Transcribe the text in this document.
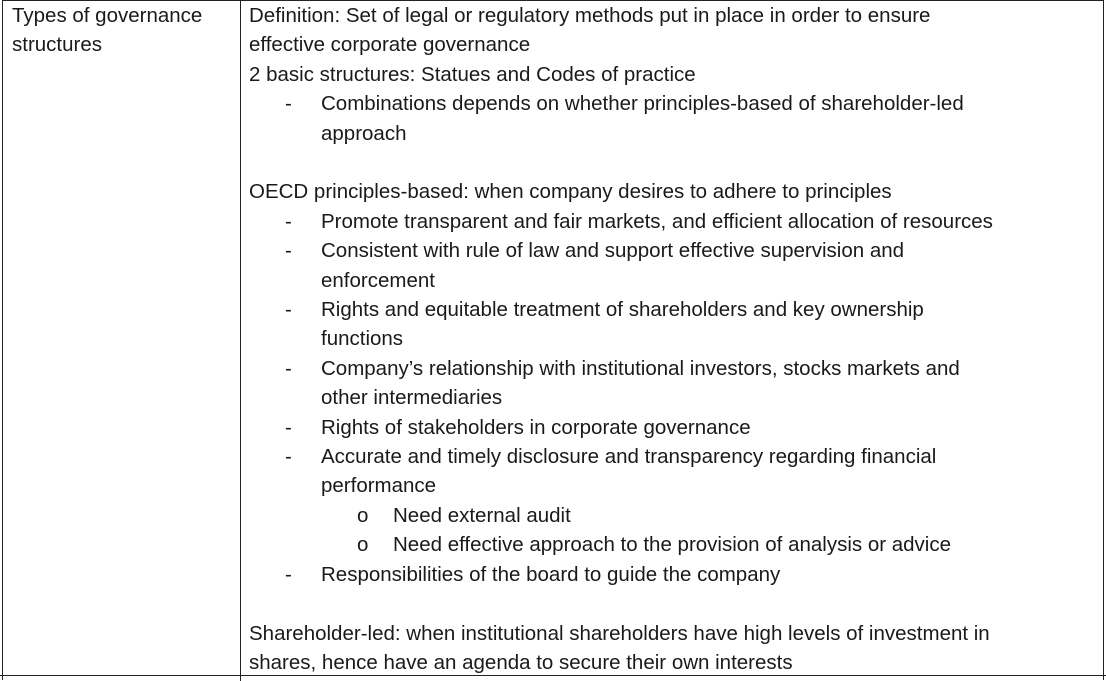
Types of governance
structures
Definition: Set of legal or regulatory methods put in place in order to ensure
effective corporate governance
2 basic structures: Statues and Codes of practice
- Combinations depends on whether principles-based of shareholder-led
approach
OECD principles-based: when company desires to adhere to principles
- Promote transparent and fair markets, and efficient allocation of resources
- Consistent with rule of law and support effective supervision and
enforcement
- Rights and equitable treatment of shareholders and key ownership
functions
- Company’s relationship with institutional investors, stocks markets and
other intermediaries
- Rights of stakeholders in corporate governance
- Accurate and timely disclosure and transparency regarding financial
performance
o Need external audit
o Need effective approach to the provision of analysis or advice
- Responsibilities of the board to guide the company
Shareholder-led: when institutional shareholders have high levels of investment in
shares, hence have an agenda to secure their own interests
